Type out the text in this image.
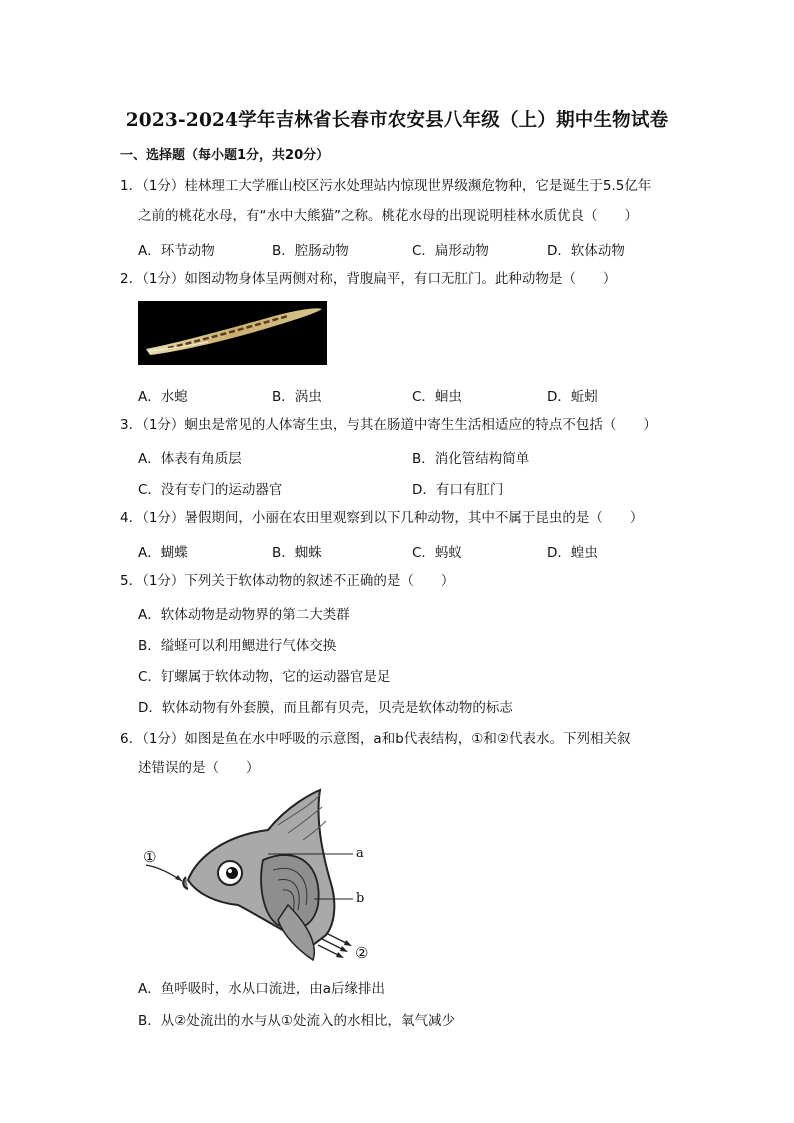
2023-2024学年吉林省长春市农安县八年级（上）期中生物试卷
一、选择题（每小题1分，共20分）
1．（1分）桂林理工大学雁山校区污水处理站内惊现世界级濒危物种，它是诞生于5.5亿年
之前的桃花水母，有“水中大熊猫”之称。桃花水母的出现说明桂林水质优良（　　）
A．环节动物	B．腔肠动物	C．扁形动物	D．软体动物
2．（1分）如图动物身体呈两侧对称，背腹扁平，有口无肛门。此种动物是（　　）
A．水螅	B．涡虫	C．蛔虫	D．蚯蚓
3．（1分）蛔虫是常见的人体寄生虫，与其在肠道中寄生生活相适应的特点不包括（　　）
A．体表有角质层	B．消化管结构简单
C．没有专门的运动器官	D．有口有肛门
4．（1分）暑假期间，小丽在农田里观察到以下几种动物，其中不属于昆虫的是（　　）
A．蝴蝶	B．蜘蛛	C．蚂蚁	D．蝗虫
5．（1分）下列关于软体动物的叙述不正确的是（　　）
A．软体动物是动物界的第二大类群
B．缢蛏可以利用鳃进行气体交换
C．钉螺属于软体动物，它的运动器官是足
D．软体动物有外套膜，而且都有贝壳，贝壳是软体动物的标志
6．（1分）如图是鱼在水中呼吸的示意图，a和b代表结构，①和②代表水。下列相关叙
述错误的是（　　）
①	a
b
②
A．鱼呼吸时，水从口流进，由a后缘排出
B．从②处流出的水与从①处流入的水相比，氧气减少
